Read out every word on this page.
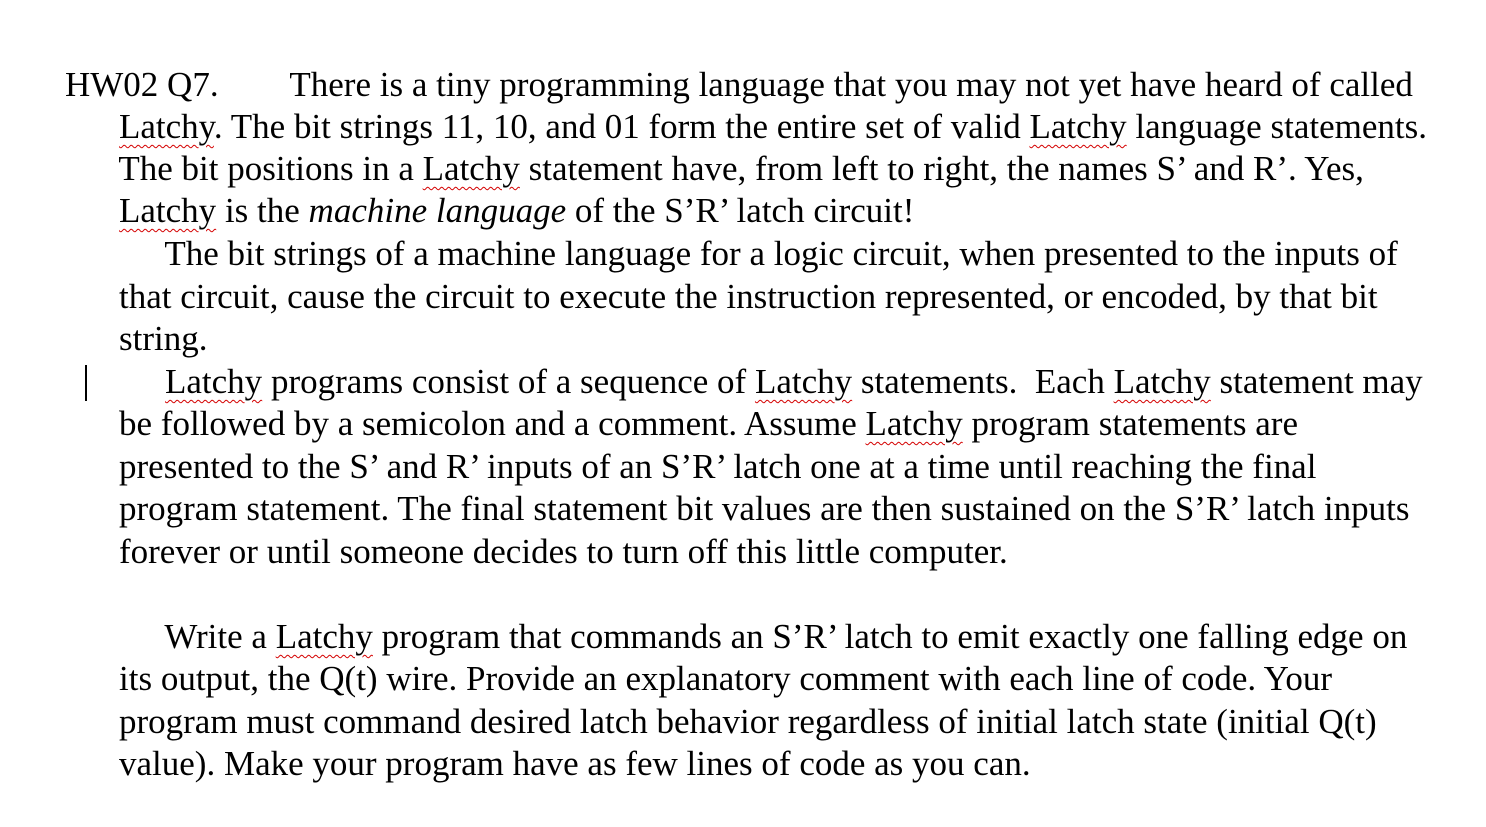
HW02 Q7.
	There is a tiny programming language that you may not yet have heard of called

Latchy. The bit strings 11, 10, and 01 form the entire set of valid Latchy language statements.

The bit positions in a Latchy statement have, from left to right, the names S’ and R’. Yes,

Latchy is the machine language of the S’R’ latch circuit!

The bit strings of a machine language for a logic circuit, when presented to the inputs of

that circuit, cause the circuit to execute the instruction represented, or encoded, by that bit

string.

Latchy programs consist of a sequence of Latchy statements.  Each Latchy statement may

be followed by a semicolon and a comment. Assume Latchy program statements are

presented to the S’ and R’ inputs of an S’R’ latch one at a time until reaching the final

program statement. The final statement bit values are then sustained on the S’R’ latch inputs

forever or until someone decides to turn off this little computer.

Write a Latchy program that commands an S’R’ latch to emit exactly one falling edge on

its output, the Q(t) wire. Provide an explanatory comment with each line of code. Your

program must command desired latch behavior regardless of initial latch state (initial Q(t)

value). Make your program have as few lines of code as you can.
